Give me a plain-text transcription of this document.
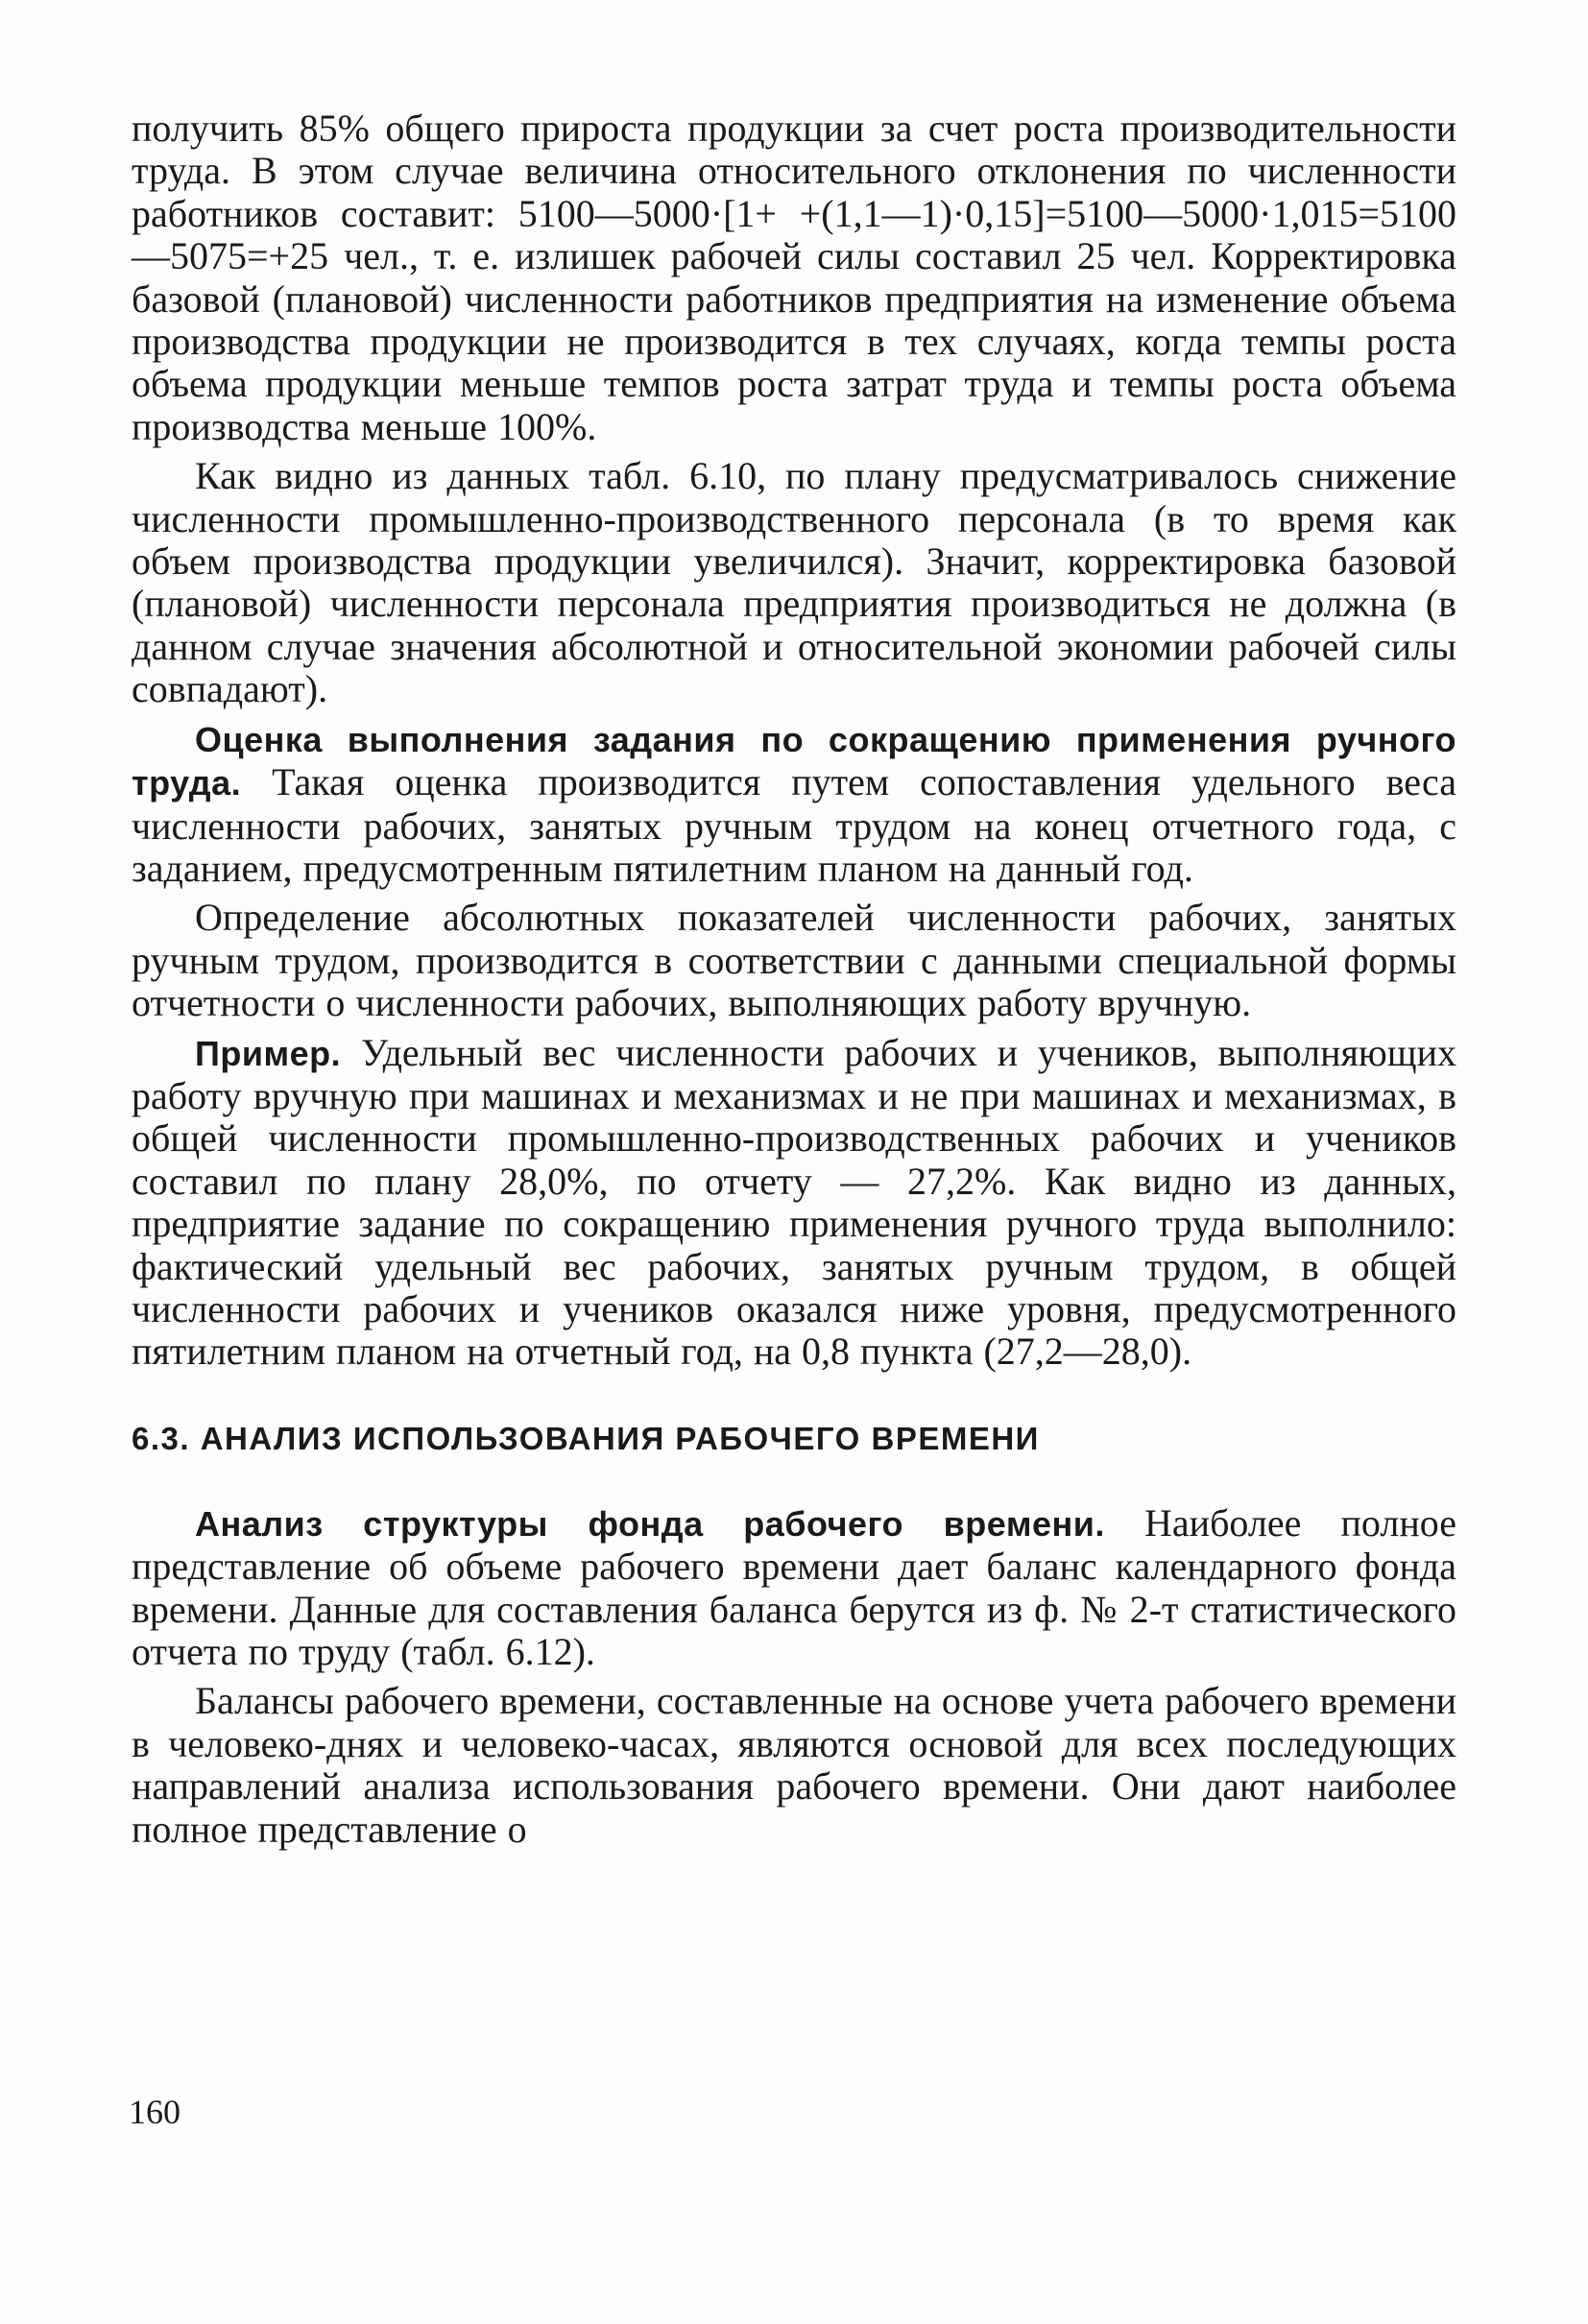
получить 85% общего прироста продукции за счет роста производительности труда. В этом случае величина относительного отклонения по численности работников составит: 5100—5000·[1+ +(1,1—1)·0,15]=5100—5000·1,015=5100—5075=+25 чел., т. е. излишек рабочей силы составил 25 чел. Корректировка базовой (плановой) численности работников предприятия на изменение объема производства продукции не производится в тех случаях, когда темпы роста объема продукции меньше темпов роста затрат труда и темпы роста объема производства меньше 100%.

Как видно из данных табл. 6.10, по плану предусматривалось снижение численности промышленно-производственного персонала (в то время как объем производства продукции увеличился). Значит, корректировка базовой (плановой) численности персонала предприятия производиться не должна (в данном случае значения абсолютной и относительной экономии рабочей силы совпадают).

Оценка выполнения задания по сокращению применения ручного труда. Такая оценка производится путем сопоставления удельного веса численности рабочих, занятых ручным трудом на конец отчетного года, с заданием, предусмотренным пятилетним планом на данный год.

Определение абсолютных показателей численности рабочих, занятых ручным трудом, производится в соответствии с данными специальной формы отчетности о численности рабочих, выполняющих работу вручную.

Пример. Удельный вес численности рабочих и учеников, выполняющих работу вручную при машинах и механизмах и не при машинах и механизмах, в общей численности промышленно-производственных рабочих и учеников составил по плану 28,0%, по отчету — 27,2%. Как видно из данных, предприятие задание по сокращению применения ручного труда выполнило: фактический удельный вес рабочих, занятых ручным трудом, в общей численности рабочих и учеников оказался ниже уровня, предусмотренного пятилетним планом на отчетный год, на 0,8 пункта (27,2—28,0).

6.3. АНАЛИЗ ИСПОЛЬЗОВАНИЯ РАБОЧЕГО ВРЕМЕНИ

Анализ структуры фонда рабочего времени. Наиболее полное представление об объеме рабочего времени дает баланс календарного фонда времени. Данные для составления баланса берутся из ф. № 2-т статистического отчета по труду (табл. 6.12).

Балансы рабочего времени, составленные на основе учета рабочего времени в человеко-днях и человеко-часах, являются основой для всех последующих направлений анализа использования рабочего времени. Они дают наиболее полное представление о

160
